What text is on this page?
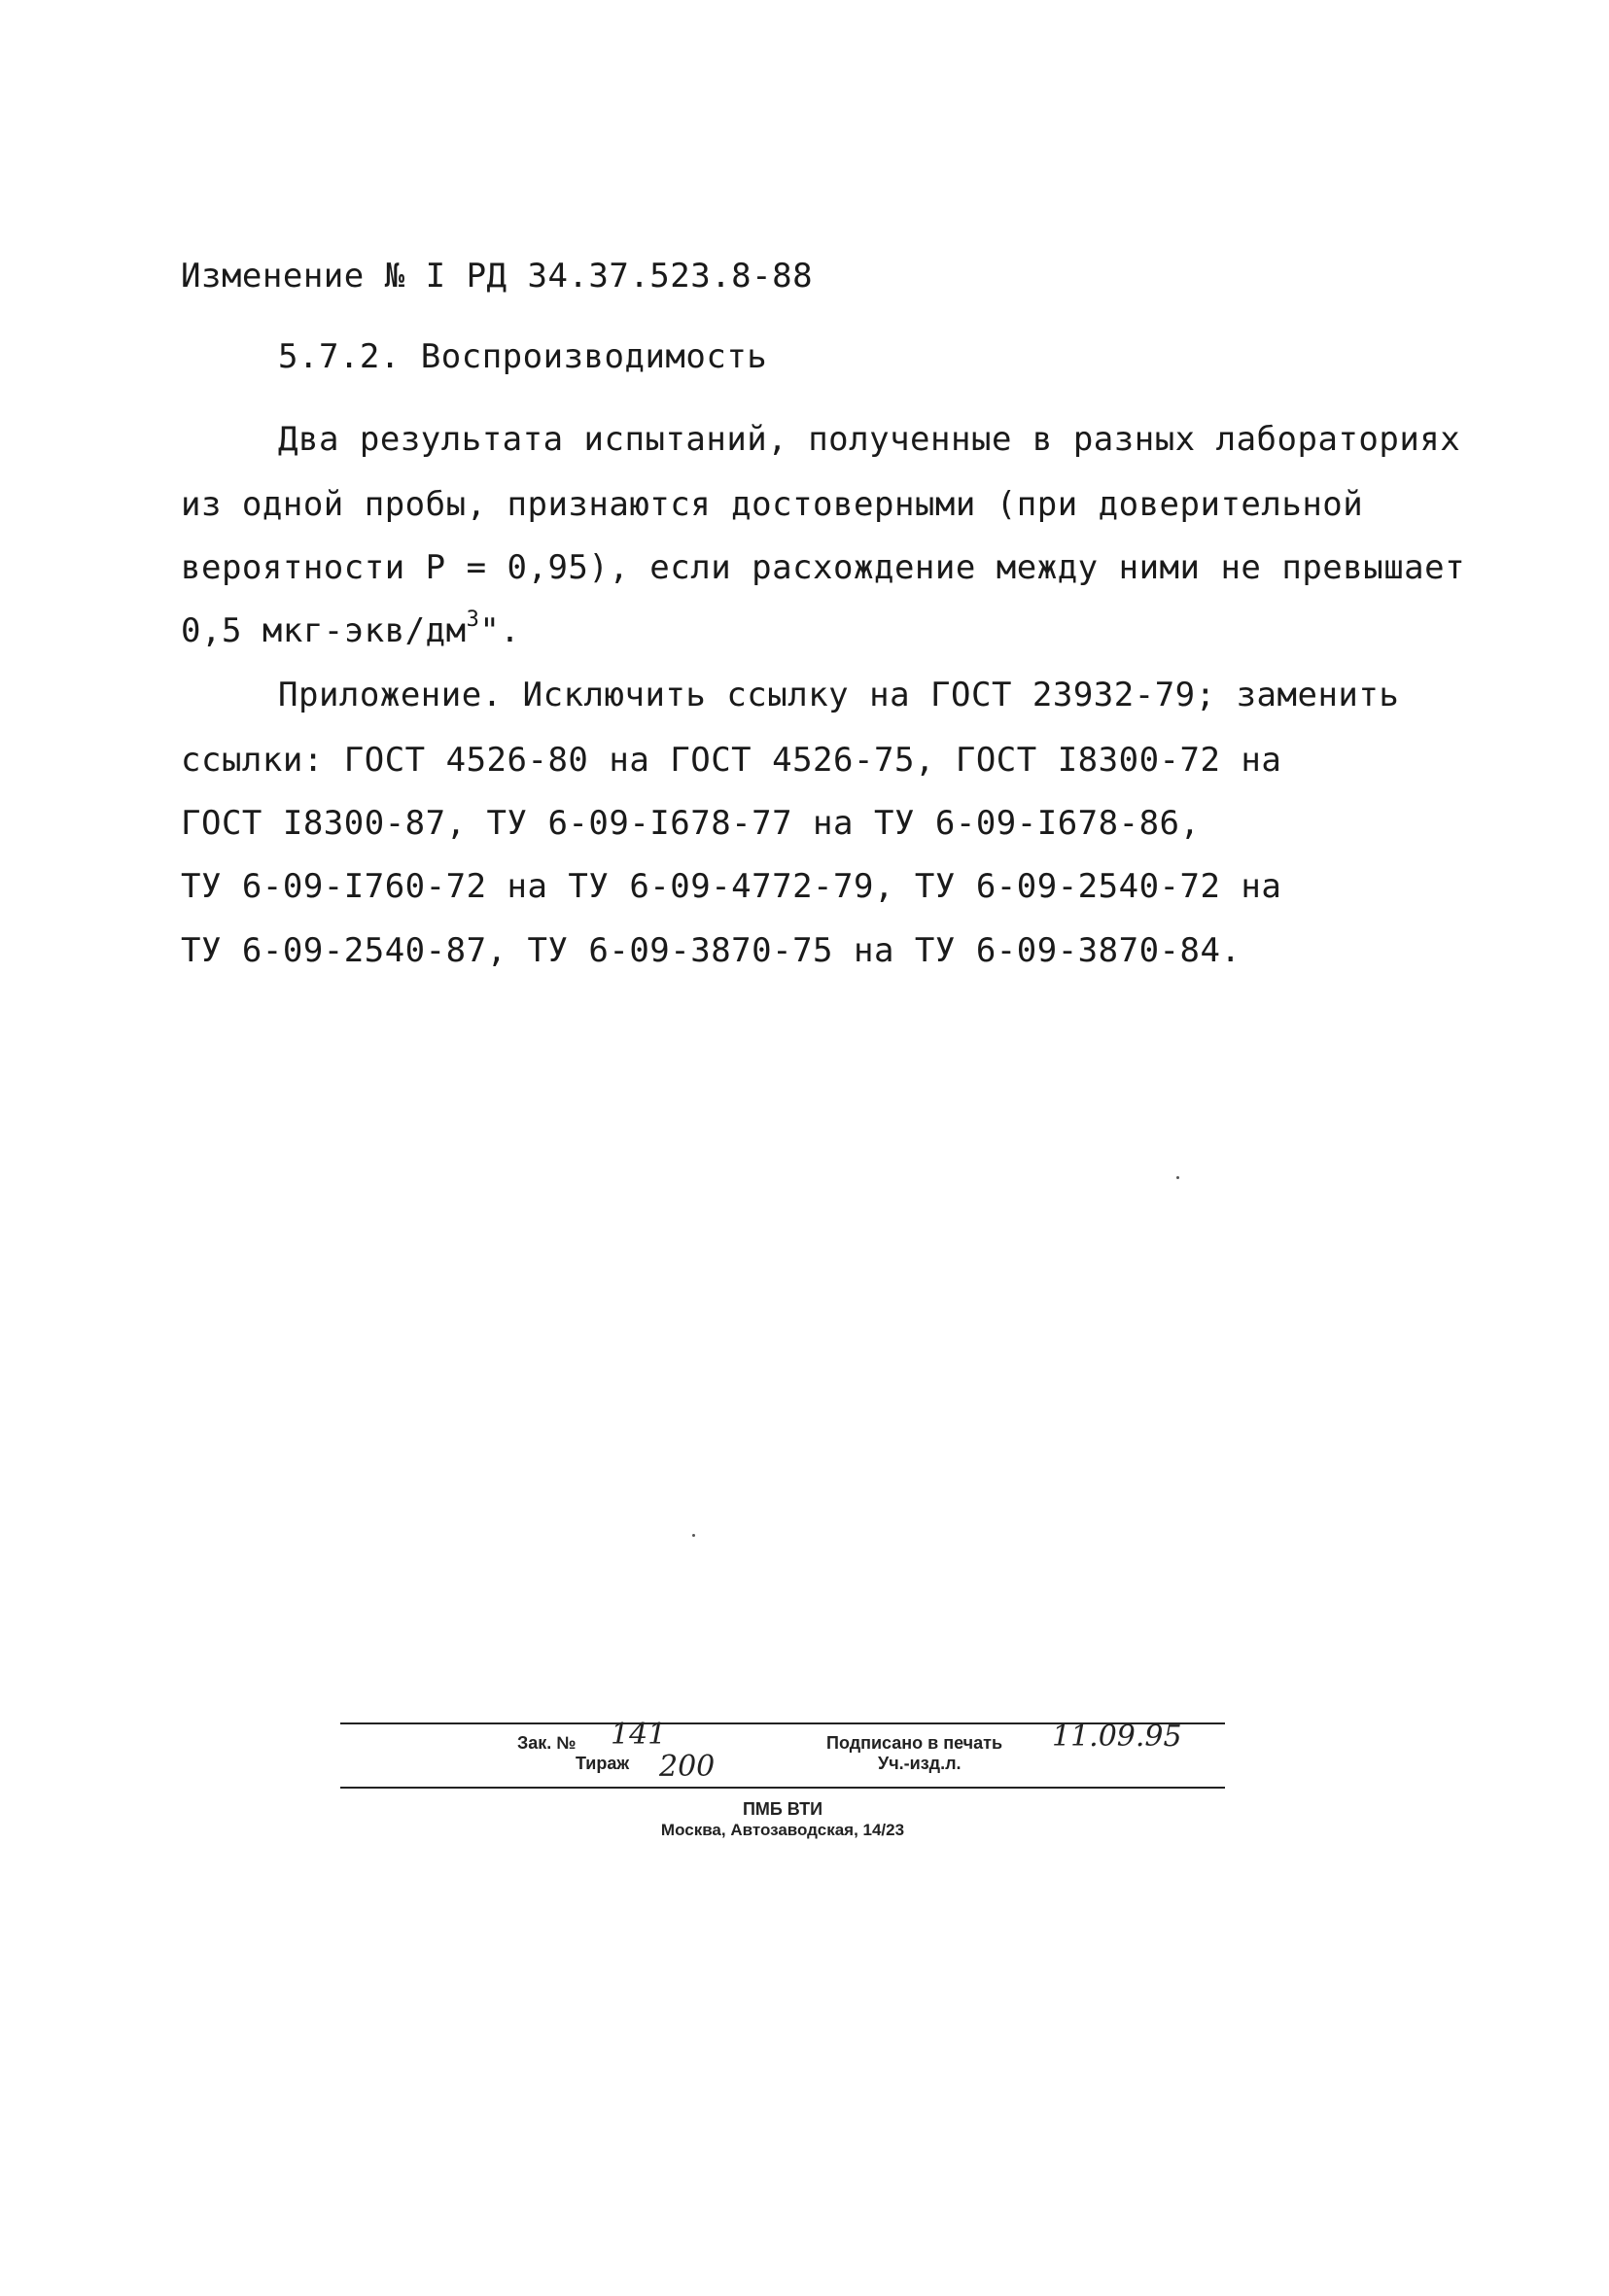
Изменение № I РД 34.37.523.8-88
5.7.2. Воспроизводимость
Два результата испытаний, полученные в разных лабораториях
из одной пробы, признаются достоверными (при доверительной
вероятности Р = 0,95), если расхождение между ними не превышает
0,5 мкг-$экв/дм^3$".
Приложение. Исключить ссылку на ГОСТ 23932-79; заменить
ссылки: ГОСТ 4526-80 на ГОСТ 4526-75, ГОСТ I8300-72 на
ГОСТ I8300-87, ТУ 6-09-I678-77 на ТУ 6-09-I678-86,
ТУ 6-09-I760-72 на ТУ 6-09-4772-79, ТУ 6-09-2540-72 на
ТУ 6-09-2540-87, ТУ 6-09-3870-75 на ТУ 6-09-3870-84.
Зак. № 141
Тираж 200
Подписано в печать 11.09.95
Уч.-изд.л.
ПМБ ВТИ
Москва, Автозаводская, 14/23
